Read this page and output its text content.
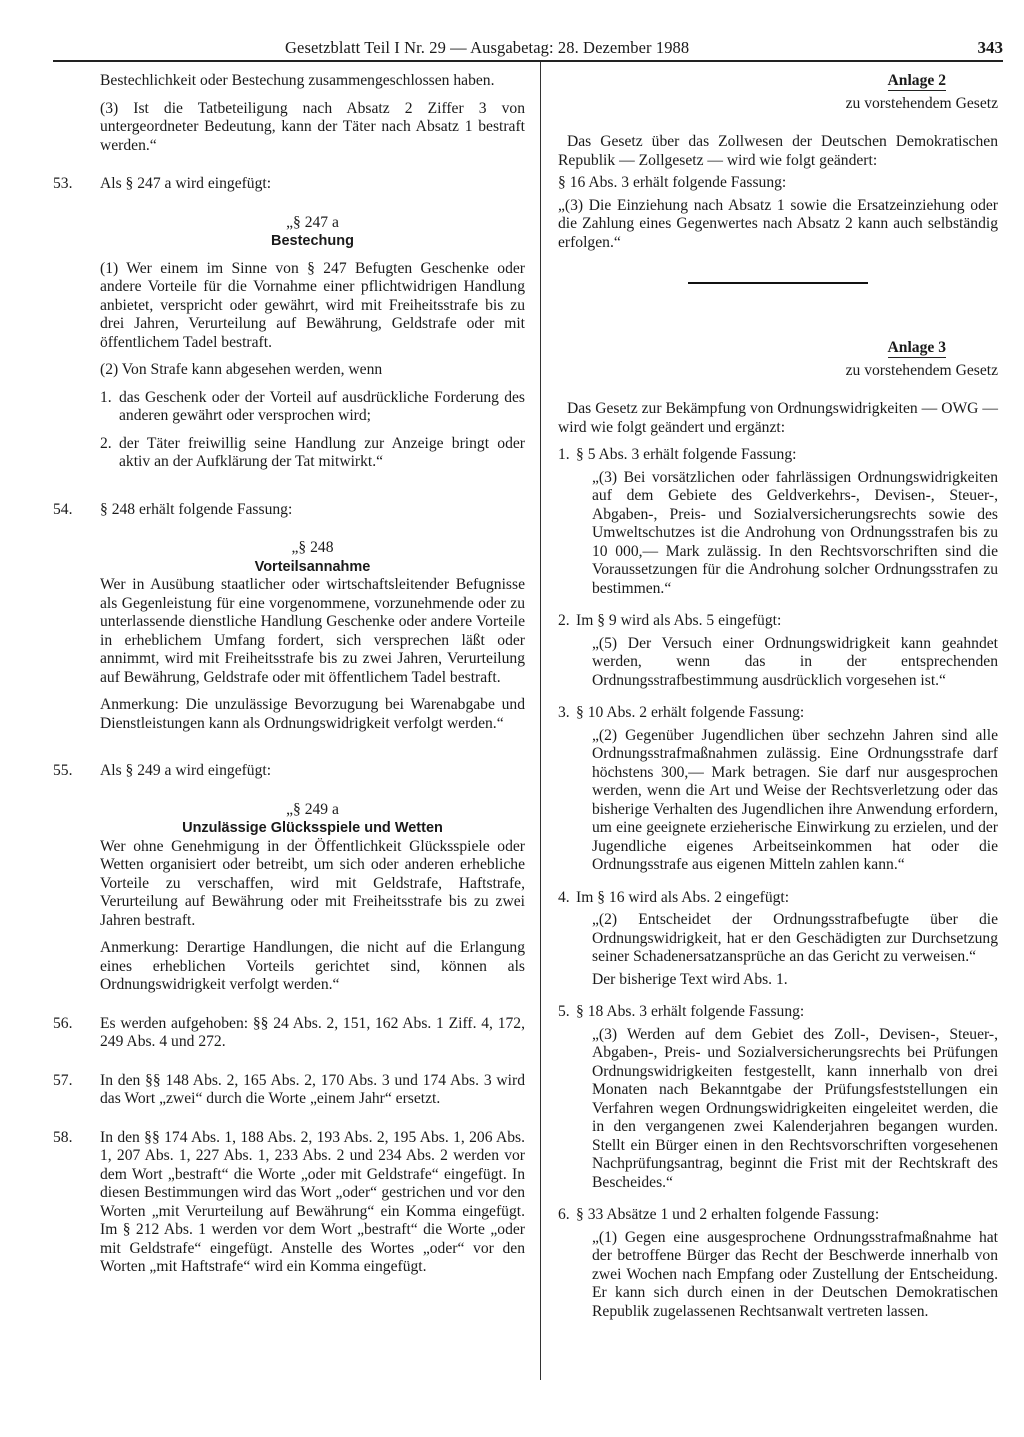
Gesetzblatt Teil I Nr. 29 — Ausgabetag: 28. Dezember 1988	343

Bestechlichkeit oder Bestechung zusammengeschlossen haben.

(3) Ist die Tatbeteiligung nach Absatz 2 Ziffer 3 von untergeordneter Bedeutung, kann der Täter nach Absatz 1 bestraft werden.“

53. Als § 247 a wird eingefügt:

„§ 247 a

Bestechung

(1) Wer einem im Sinne von § 247 Befugten Geschenke oder andere Vorteile für die Vornahme einer pflichtwidrigen Handlung anbietet, verspricht oder gewährt, wird mit Freiheitsstrafe bis zu drei Jahren, Verurteilung auf Bewährung, Geldstrafe oder mit öffentlichem Tadel bestraft.

(2) Von Strafe kann abgesehen werden, wenn

1. das Geschenk oder der Vorteil auf ausdrückliche Forderung des anderen gewährt oder versprochen wird;

2. der Täter freiwillig seine Handlung zur Anzeige bringt oder aktiv an der Aufklärung der Tat mitwirkt.“

54. § 248 erhält folgende Fassung:

„§ 248

Vorteilsannahme

Wer in Ausübung staatlicher oder wirtschaftsleitender Befugnisse als Gegenleistung für eine vorgenommene, vorzunehmende oder zu unterlassende dienstliche Handlung Geschenke oder andere Vorteile in erheblichem Umfang fordert, sich versprechen läßt oder annimmt, wird mit Freiheitsstrafe bis zu zwei Jahren, Verurteilung auf Bewährung, Geldstrafe oder mit öffentlichem Tadel bestraft.

Anmerkung: Die unzulässige Bevorzugung bei Warenabgabe und Dienstleistungen kann als Ordnungswidrigkeit verfolgt werden.“

55. Als § 249 a wird eingefügt:

„§ 249 a

Unzulässige Glücksspiele und Wetten

Wer ohne Genehmigung in der Öffentlichkeit Glücksspiele oder Wetten organisiert oder betreibt, um sich oder anderen erhebliche Vorteile zu verschaffen, wird mit Geldstrafe, Haftstrafe, Verurteilung auf Bewährung oder mit Freiheitsstrafe bis zu zwei Jahren bestraft.

Anmerkung: Derartige Handlungen, die nicht auf die Erlangung eines erheblichen Vorteils gerichtet sind, können als Ordnungswidrigkeit verfolgt werden.“

56. Es werden aufgehoben: §§ 24 Abs. 2, 151, 162 Abs. 1 Ziff. 4, 172, 249 Abs. 4 und 272.

57. In den §§ 148 Abs. 2, 165 Abs. 2, 170 Abs. 3 und 174 Abs. 3 wird das Wort „zwei“ durch die Worte „einem Jahr“ ersetzt.

58. In den §§ 174 Abs. 1, 188 Abs. 2, 193 Abs. 2, 195 Abs. 1, 206 Abs. 1, 207 Abs. 1, 227 Abs. 1, 233 Abs. 2 und 234 Abs. 2 werden vor dem Wort „bestraft“ die Worte „oder mit Geldstrafe“ eingefügt. In diesen Bestimmungen wird das Wort „oder“ gestrichen und vor den Worten „mit Verurteilung auf Bewährung“ ein Komma eingefügt. Im § 212 Abs. 1 werden vor dem Wort „bestraft“ die Worte „oder mit Geldstrafe“ eingefügt. Anstelle des Wortes „oder“ vor den Worten „mit Haftstrafe“ wird ein Komma eingefügt.

Anlage 2

zu vorstehendem Gesetz

Das Gesetz über das Zollwesen der Deutschen Demokratischen Republik — Zollgesetz — wird wie folgt geändert:

§ 16 Abs. 3 erhält folgende Fassung:

„(3) Die Einziehung nach Absatz 1 sowie die Ersatzeinziehung oder die Zahlung eines Gegenwertes nach Absatz 2 kann auch selbständig erfolgen.“

Anlage 3

zu vorstehendem Gesetz

Das Gesetz zur Bekämpfung von Ordnungswidrigkeiten — OWG — wird wie folgt geändert und ergänzt:

1. § 5 Abs. 3 erhält folgende Fassung:

„(3) Bei vorsätzlichen oder fahrlässigen Ordnungswidrigkeiten auf dem Gebiete des Geldverkehrs-, Devisen-, Steuer-, Abgaben-, Preis- und Sozialversicherungsrechts sowie des Umweltschutzes ist die Androhung von Ordnungsstrafen bis zu 10 000,— Mark zulässig. In den Rechtsvorschriften sind die Voraussetzungen für die Androhung solcher Ordnungsstrafen zu bestimmen.“

2. Im § 9 wird als Abs. 5 eingefügt:

„(5) Der Versuch einer Ordnungswidrigkeit kann geahndet werden, wenn das in der entsprechenden Ordnungsstrafbestimmung ausdrücklich vorgesehen ist.“

3. § 10 Abs. 2 erhält folgende Fassung:

„(2) Gegenüber Jugendlichen über sechzehn Jahren sind alle Ordnungsstrafmaßnahmen zulässig. Eine Ordnungsstrafe darf höchstens 300,— Mark betragen. Sie darf nur ausgesprochen werden, wenn die Art und Weise der Rechtsverletzung oder das bisherige Verhalten des Jugendlichen ihre Anwendung erfordern, um eine geeignete erzieherische Einwirkung zu erzielen, und der Jugendliche eigenes Arbeitseinkommen hat oder die Ordnungsstrafe aus eigenen Mitteln zahlen kann.“

4. Im § 16 wird als Abs. 2 eingefügt:

„(2) Entscheidet der Ordnungsstrafbefugte über die Ordnungswidrigkeit, hat er den Geschädigten zur Durchsetzung seiner Schadenersatzansprüche an das Gericht zu verweisen.“

Der bisherige Text wird Abs. 1.

5. § 18 Abs. 3 erhält folgende Fassung:

„(3) Werden auf dem Gebiet des Zoll-, Devisen-, Steuer-, Abgaben-, Preis- und Sozialversicherungsrechts bei Prüfungen Ordnungswidrigkeiten festgestellt, kann innerhalb von drei Monaten nach Bekanntgabe der Prüfungsfeststellungen ein Verfahren wegen Ordnungswidrigkeiten eingeleitet werden, die in den vergangenen zwei Kalenderjahren begangen wurden. Stellt ein Bürger einen in den Rechtsvorschriften vorgesehenen Nachprüfungsantrag, beginnt die Frist mit der Rechtskraft des Bescheides.“

6. § 33 Absätze 1 und 2 erhalten folgende Fassung:

„(1) Gegen eine ausgesprochene Ordnungsstrafmaßnahme hat der betroffene Bürger das Recht der Beschwerde innerhalb von zwei Wochen nach Empfang oder Zustellung der Entscheidung. Er kann sich durch einen in der Deutschen Demokratischen Republik zugelassenen Rechtsanwalt vertreten lassen.
